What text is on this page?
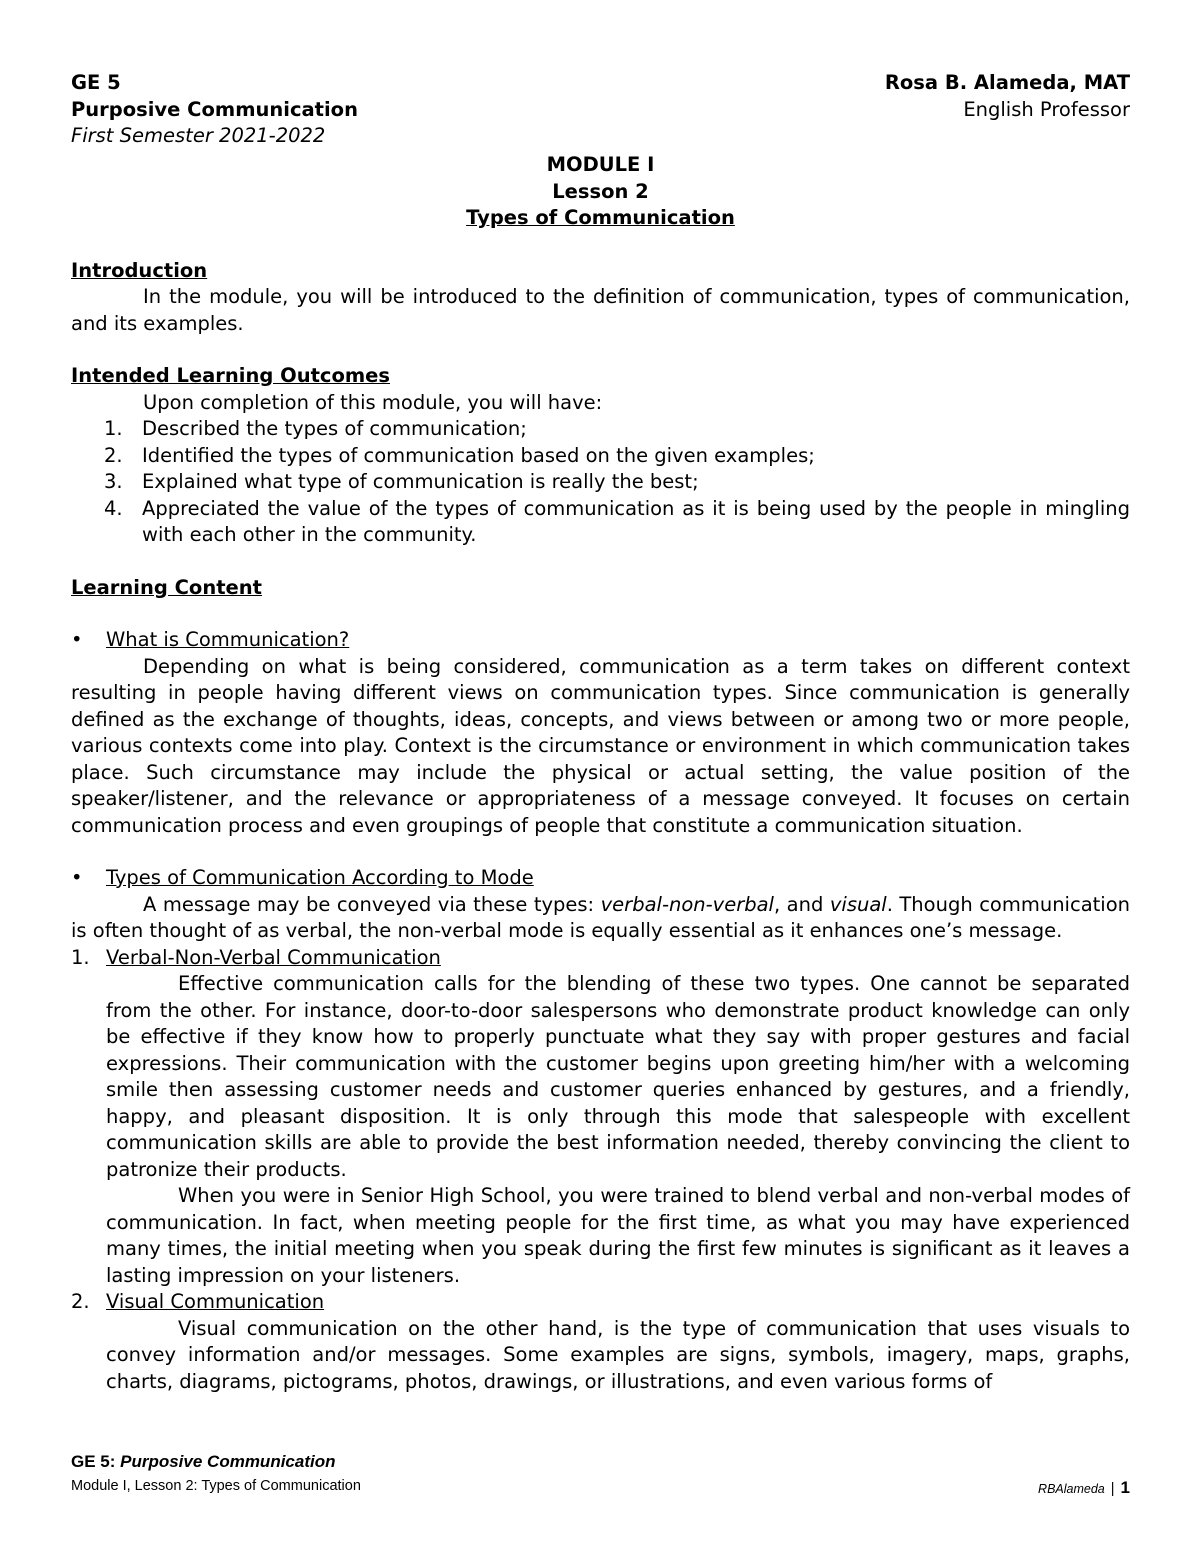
GE 5
Purposive Communication
First Semester 2021-2022
Rosa B. Alameda, MAT
English Professor
MODULE I
Lesson 2
Types of Communication
Introduction
In the module, you will be introduced to the definition of communication, types of communication, and its examples.
Intended Learning Outcomes
Upon completion of this module, you will have:
1. Described the types of communication;
2. Identified the types of communication based on the given examples;
3. Explained what type of communication is really the best;
4. Appreciated the value of the types of communication as it is being used by the people in mingling with each other in the community.
Learning Content
• What is Communication?
Depending on what is being considered, communication as a term takes on different context resulting in people having different views on communication types. Since communication is generally defined as the exchange of thoughts, ideas, concepts, and views between or among two or more people, various contexts come into play. Context is the circumstance or environment in which communication takes place. Such circumstance may include the physical or actual setting, the value position of the speaker/listener, and the relevance or appropriateness of a message conveyed. It focuses on certain communication process and even groupings of people that constitute a communication situation.
• Types of Communication According to Mode
A message may be conveyed via these types: verbal-non-verbal, and visual. Though communication is often thought of as verbal, the non-verbal mode is equally essential as it enhances one’s message.
1. Verbal-Non-Verbal Communication
Effective communication calls for the blending of these two types. One cannot be separated from the other. For instance, door-to-door salespersons who demonstrate product knowledge can only be effective if they know how to properly punctuate what they say with proper gestures and facial expressions. Their communication with the customer begins upon greeting him/her with a welcoming smile then assessing customer needs and customer queries enhanced by gestures, and a friendly, happy, and pleasant disposition. It is only through this mode that salespeople with excellent communication skills are able to provide the best information needed, thereby convincing the client to patronize their products.
When you were in Senior High School, you were trained to blend verbal and non-verbal modes of communication. In fact, when meeting people for the first time, as what you may have experienced many times, the initial meeting when you speak during the first few minutes is significant as it leaves a lasting impression on your listeners.
2. Visual Communication
Visual communication on the other hand, is the type of communication that uses visuals to convey information and/or messages. Some examples are signs, symbols, imagery, maps, graphs, charts, diagrams, pictograms, photos, drawings, or illustrations, and even various forms of
GE 5: Purposive Communication
Module I, Lesson 2: Types of Communication	RBAlameda | 1
